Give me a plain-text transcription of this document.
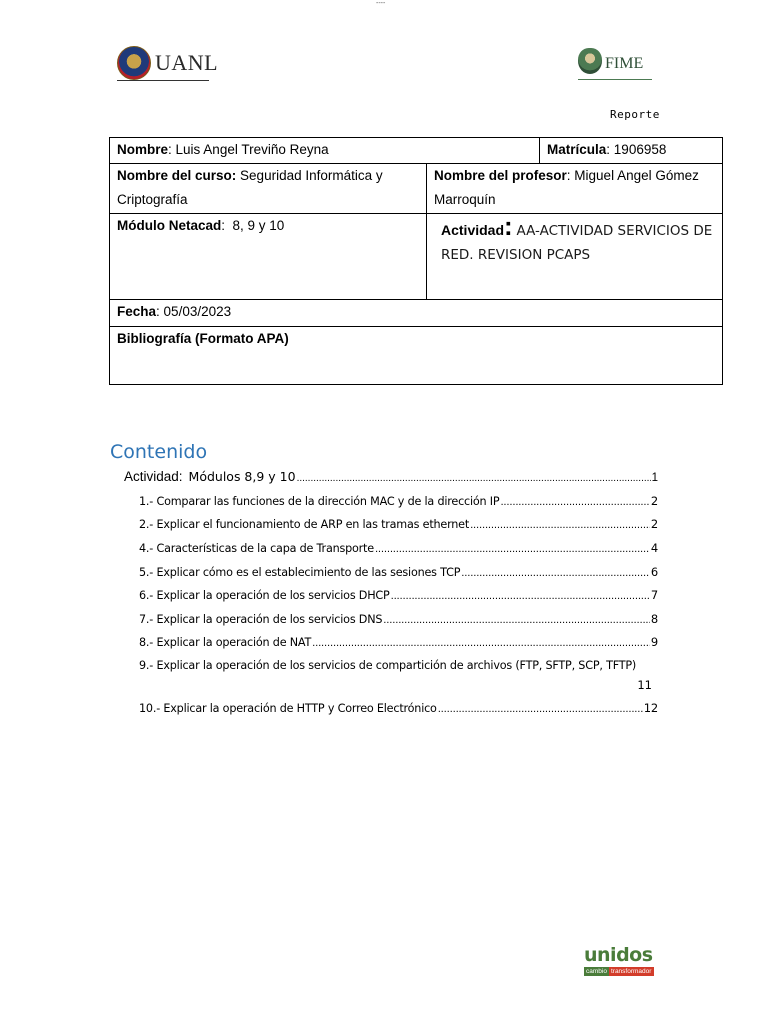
----
UANL	FIME
Reporte
Nombre: Luis Angel Treviño Reyna		Matrícula: 1906958
Nombre del curso: Seguridad Informática y Criptografía	Nombre del profesor: Miguel Angel Gómez Marroquín	
Módulo Netacad:  8, 9 y 10	Actividad: AA-ACTIVIDAD SERVICIOS DE RED. REVISION PCAPS	
Fecha: 05/03/2023		
Bibliografía (Formato APA)		
Contenido
Actividad: Módulos 8,9 y 10 .....	1
1.- Comparar las funciones de la dirección MAC y de la dirección IP .....	2
2.- Explicar el funcionamiento de ARP en las tramas ethernet .....	2
4.- Características de la capa de Transporte .....	4
5.- Explicar cómo es el establecimiento de las sesiones TCP .....	6
6.- Explicar la operación de los servicios DHCP .....	7
7.- Explicar la operación de los servicios DNS .....	8
8.- Explicar la operación de NAT .....	9
9.- Explicar la operación de los servicios de compartición de archivos (FTP, SFTP, SCP, TFTP)
11
10.- Explicar la operación de HTTP y Correo Electrónico .....	12
unidos
cambio transformador
